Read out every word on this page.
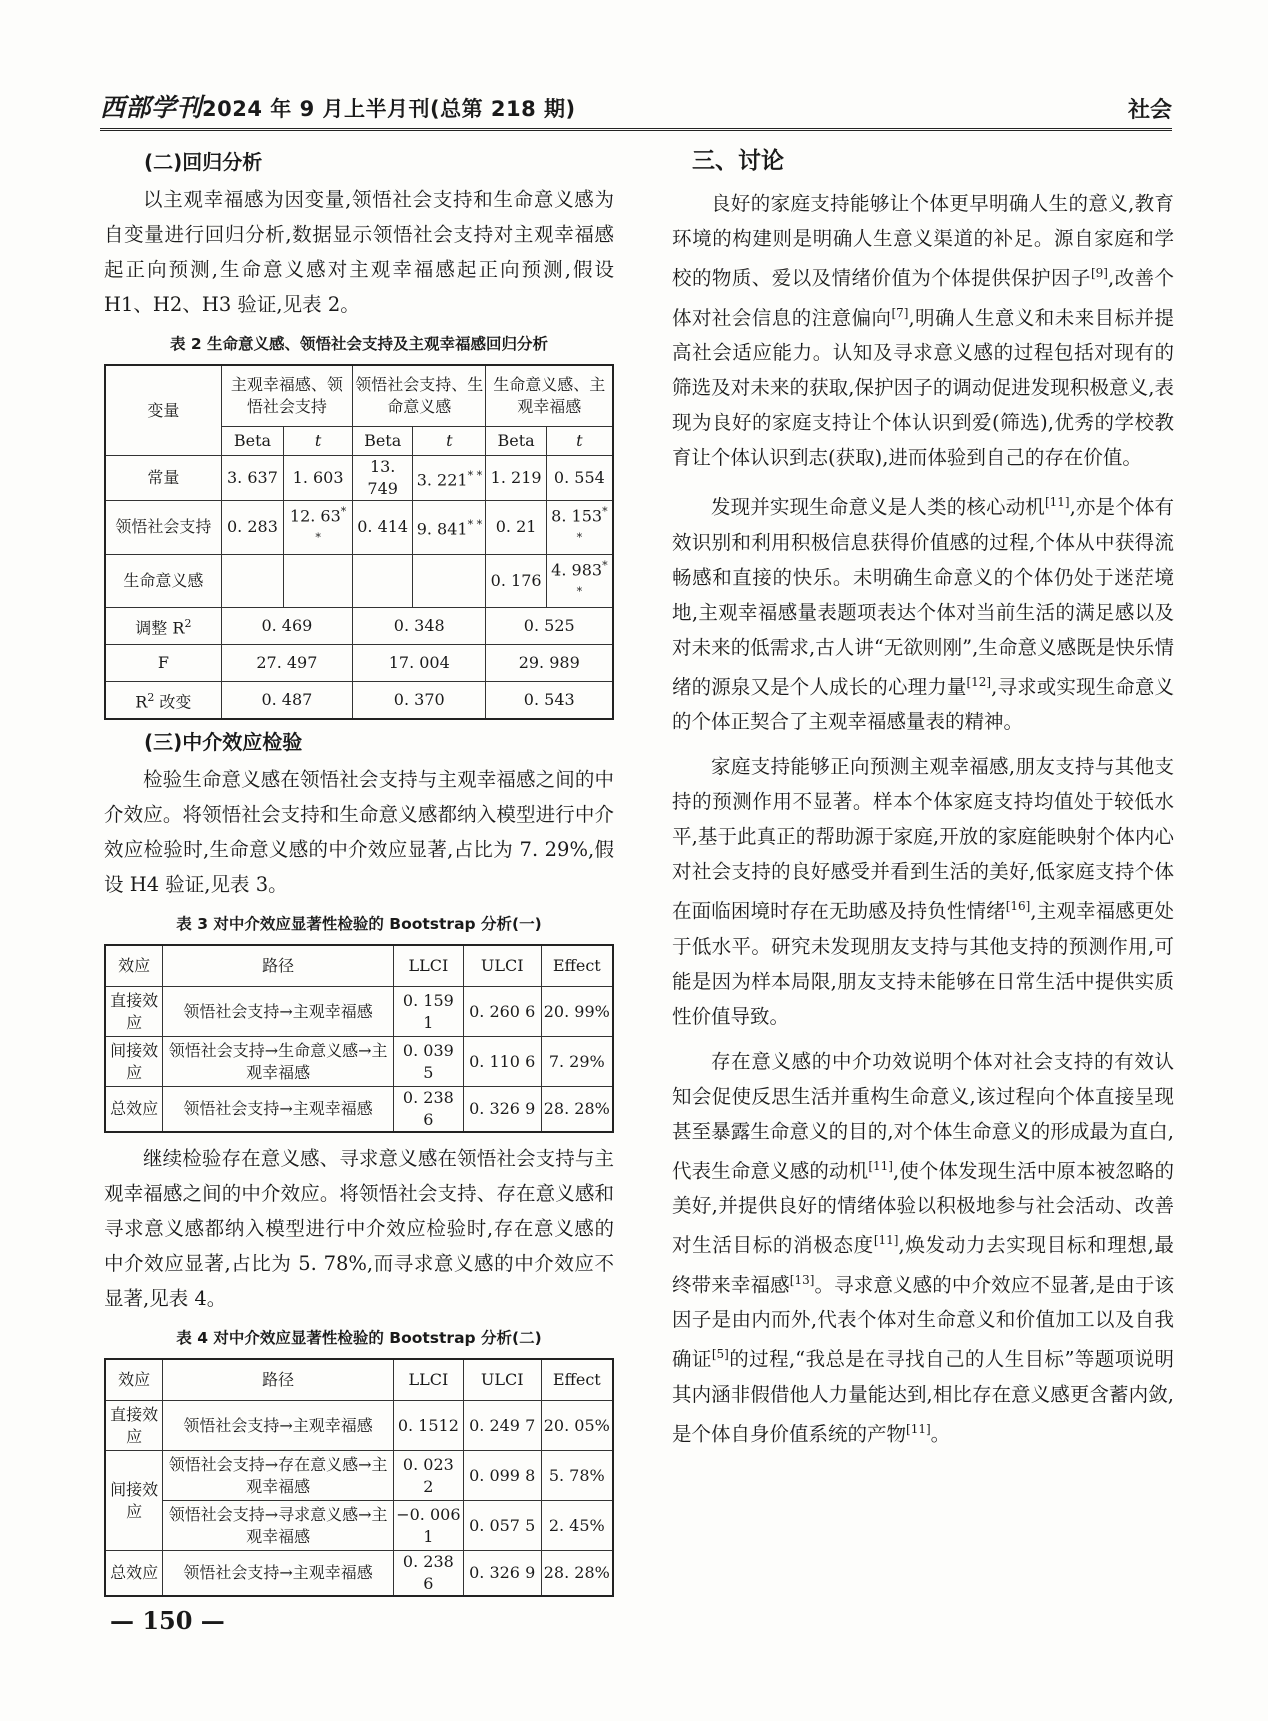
西部学刊2024 年 9 月上半月刊(总第 218 期)	社会
(二)回归分析

以主观幸福感为因变量,领悟社会支持和生命意义感为自变量进行回归分析,数据显示领悟社会支持对主观幸福感起正向预测,生命意义感对主观幸福感起正向预测,假设 H1、H2、H3 验证,见表 2。

表 2 生命意义感、领悟社会支持及主观幸福感回归分析
变量	主观幸福感、领悟社会支持		领悟社会支持、生命意义感		生命意义感、主观幸福感	
	Beta	t	Beta	t	Beta	t
常量	3. 637	1. 603	13. 749	3. 221* *	1. 219	0. 554
领悟社会支持	0. 283	12. 63* *	0. 414	9. 841* *	0. 21	8. 153* *
生命意义感					0. 176	4. 983* *
调整 $R^2$	0. 469		0. 348		0. 525	
F	27. 497		17. 004		29. 989	
$R^2$ 改变	0. 487		0. 370		0. 543	
(三)中介效应检验

检验生命意义感在领悟社会支持与主观幸福感之间的中介效应。将领悟社会支持和生命意义感都纳入模型进行中介效应检验时,生命意义感的中介效应显著,占比为 7. 29%,假设 H4 验证,见表 3。

表 3 对中介效应显著性检验的 Bootstrap 分析(一)
效应	路径	LLCI	ULCI	Effect
直接效应	领悟社会支持→主观幸福感	0. 159 1	0. 260 6	20. 99%
间接效应	领悟社会支持→生命意义感→主观幸福感	0. 039 5	0. 110 6	7. 29%
总效应	领悟社会支持→主观幸福感	0. 238 6	0. 326 9	28. 28%

继续检验存在意义感、寻求意义感在领悟社会支持与主观幸福感之间的中介效应。将领悟社会支持、存在意义感和寻求意义感都纳入模型进行中介效应检验时,存在意义感的中介效应显著,占比为 5. 78%,而寻求意义感的中介效应不显著,见表 4。

表 4 对中介效应显著性检验的 Bootstrap 分析(二)
效应	路径	LLCI	ULCI	Effect
直接效应	领悟社会支持→主观幸福感	0. 1512	0. 249 7	20. 05%
间接效应	领悟社会支持→存在意义感→主观幸福感	0. 023 2	0. 099 8	5. 78%
	领悟社会支持→寻求意义感→主观幸福感	−0. 006 1	0. 057 5	2. 45%
总效应	领悟社会支持→主观幸福感	0. 238 6	0. 326 9	28. 28%
三、讨论

良好的家庭支持能够让个体更早明确人生的意义,教育环境的构建则是明确人生意义渠道的补足。源自家庭和学校的物质、爱以及情绪价值为个体提供保护因子[9],改善个体对社会信息的注意偏向[7],明确人生意义和未来目标并提高社会适应能力。认知及寻求意义感的过程包括对现有的筛选及对未来的获取,保护因子的调动促进发现积极意义,表现为良好的家庭支持让个体认识到爱(筛选),优秀的学校教育让个体认识到志(获取),进而体验到自己的存在价值。

发现并实现生命意义是人类的核心动机[11],亦是个体有效识别和利用积极信息获得价值感的过程,个体从中获得流畅感和直接的快乐。未明确生命意义的个体仍处于迷茫境地,主观幸福感量表题项表达个体对当前生活的满足感以及对未来的低需求,古人讲“无欲则刚”,生命意义感既是快乐情绪的源泉又是个人成长的心理力量[12],寻求或实现生命意义的个体正契合了主观幸福感量表的精神。

家庭支持能够正向预测主观幸福感,朋友支持与其他支持的预测作用不显著。样本个体家庭支持均值处于较低水平,基于此真正的帮助源于家庭,开放的家庭能映射个体内心对社会支持的良好感受并看到生活的美好,低家庭支持个体在面临困境时存在无助感及持负性情绪[16],主观幸福感更处于低水平。研究未发现朋友支持与其他支持的预测作用,可能是因为样本局限,朋友支持未能够在日常生活中提供实质性价值导致。

存在意义感的中介功效说明个体对社会支持的有效认知会促使反思生活并重构生命意义,该过程向个体直接呈现甚至暴露生命意义的目的,对个体生命意义的形成最为直白,代表生命意义感的动机[11],使个体发现生活中原本被忽略的美好,并提供良好的情绪体验以积极地参与社会活动、改善对生活目标的消极态度[11],焕发动力去实现目标和理想,最终带来幸福感[13]。寻求意义感的中介效应不显著,是由于该因子是由内而外,代表个体对生命意义和价值加工以及自我确证[5]的过程,“我总是在寻找自己的人生目标”等题项说明其内涵非假借他人力量能达到,相比存在意义感更含蓄内敛,是个体自身价值系统的产物[11]。

— 150 —
